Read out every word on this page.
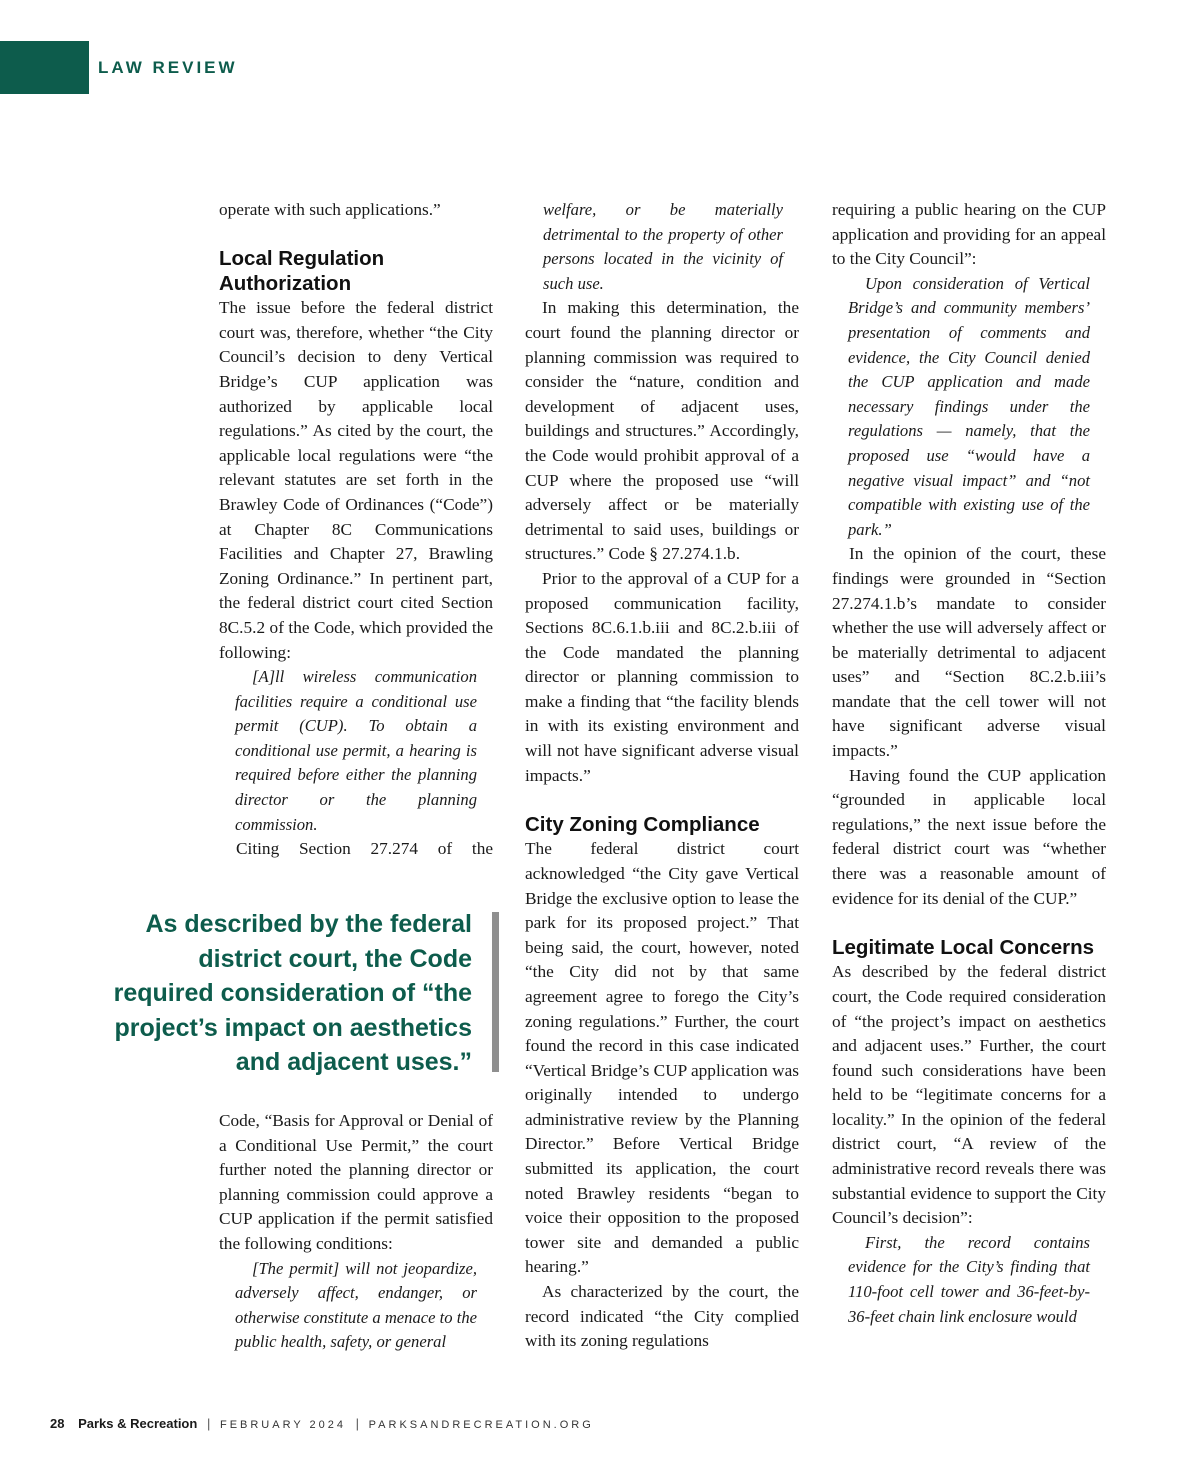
LAW REVIEW

operate with such applications.”

Local Regulation Authorization

The issue before the federal district court was, therefore, whether “the City Council’s decision to deny Vertical Bridge’s CUP application was authorized by applicable local regulations.” As cited by the court, the applicable local regulations were “the relevant statutes are set forth in the Brawley Code of Ordinances (“Code”) at Chapter 8C Communications Facilities and Chapter 27, Brawling Zoning Ordinance.” In pertinent part, the federal district court cited Section 8C.5.2 of the Code, which provided the following:

[A]ll wireless communication facilities require a conditional use permit (CUP). To obtain a conditional use permit, a hearing is required before either the planning director or the planning commission.

Citing Section 27.274 of the

As described by the federal district court, the Code required consideration of “the project’s impact on aesthetics and adjacent uses.”

Code, “Basis for Approval or Denial of a Conditional Use Permit,” the court further noted the planning director or planning commission could approve a CUP application if the permit satisfied the following conditions:

[The permit] will not jeopardize, adversely affect, endanger, or otherwise constitute a menace to the public health, safety, or general
welfare, or be materially detrimental to the property of other persons located in the vicinity of such use.

In making this determination, the court found the planning director or planning commission was required to consider the “nature, condition and development of adjacent uses, buildings and structures.” Accordingly, the Code would prohibit approval of a CUP where the proposed use “will adversely affect or be materially detrimental to said uses, buildings or structures.” Code § 27.274.1.b.

Prior to the approval of a CUP for a proposed communication facility, Sections 8C.6.1.b.iii and 8C.2.b.iii of the Code mandated the planning director or planning commission to make a finding that “the facility blends in with its existing environment and will not have significant adverse visual impacts.”

City Zoning Compliance

The federal district court acknowledged “the City gave Vertical Bridge the exclusive option to lease the park for its proposed project.” That being said, the court, however, noted “the City did not by that same agreement agree to forego the City’s zoning regulations.” Further, the court found the record in this case indicated “Vertical Bridge’s CUP application was originally intended to undergo administrative review by the Planning Director.” Before Vertical Bridge submitted its application, the court noted Brawley residents “began to voice their opposition to the proposed tower site and demanded a public hearing.”

As characterized by the court, the record indicated “the City complied with its zoning regulations

requiring a public hearing on the CUP application and providing for an appeal to the City Council”:

Upon consideration of Vertical Bridge’s and community members’ presentation of comments and evidence, the City Council denied the CUP application and made necessary findings under the regulations — namely, that the proposed use “would have a negative visual impact” and “not compatible with existing use of the park.”

In the opinion of the court, these findings were grounded in “Section 27.274.1.b’s mandate to consider whether the use will adversely affect or be materially detrimental to adjacent uses” and “Section 8C.2.b.iii’s mandate that the cell tower will not have significant adverse visual impacts.”

Having found the CUP application “grounded in applicable local regulations,” the next issue before the federal district court was “whether there was a reasonable amount of evidence for its denial of the CUP.”

Legitimate Local Concerns

As described by the federal district court, the Code required consideration of “the project’s impact on aesthetics and adjacent uses.” Further, the court found such considerations have been held to be “legitimate concerns for a locality.” In the opinion of the federal district court, “A review of the administrative record reveals there was substantial evidence to support the City Council’s decision”:

First, the record contains evidence for the City’s finding that 110-foot cell tower and 36-feet-by-36-feet chain link enclosure would
28 Parks & Recreation | FEBRUARY 2024 | PARKSANDRECREATION.ORG
